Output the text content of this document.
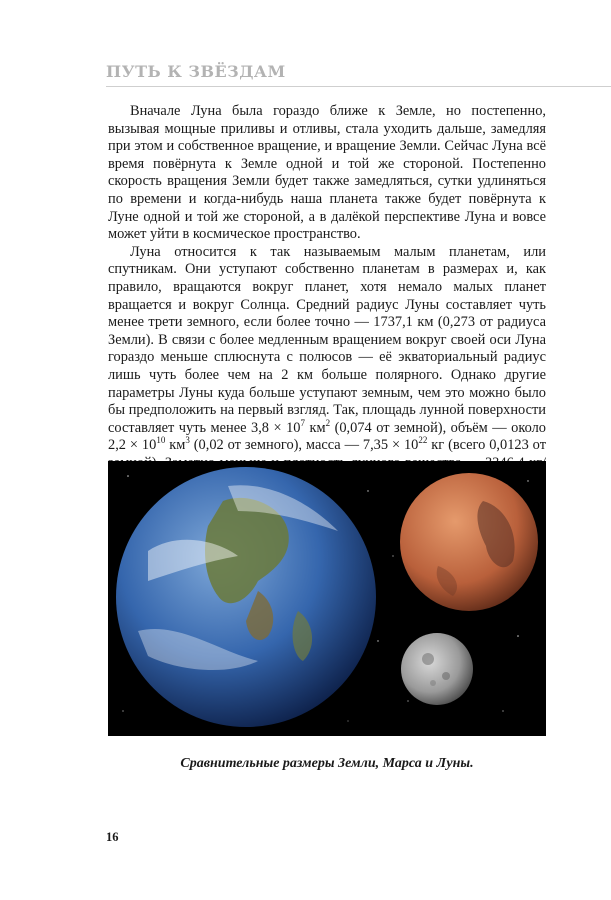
ПУТЬ К ЗВЁЗДАМ

Вначале Луна была гораздо ближе к Земле, но постепенно, вызывая мощные приливы и отливы, стала уходить дальше, замедляя при этом и собственное вращение, и вращение Земли. Сейчас Луна всё время повёрнута к Земле одной и той же стороной. Постепенно скорость вращения Земли будет также замедляться, сутки удлиняться по времени и когда-нибудь наша планета также будет повёрнута к Луне одной и той же стороной, а в далёкой перспективе Луна и вовсе может уйти в космическое пространство.

Луна относится к так называемым малым планетам, или спутникам. Они уступают собственно планетам в размерах и, как правило, вращаются вокруг планет, хотя немало малых планет вращается и вокруг Солнца. Средний радиус Луны составляет чуть менее трети земного, если более точно — 1737,1 км (0,273 от радиуса Земли). В связи с более медленным вращением вокруг своей оси Луна гораздо меньше сплюснута с полюсов — её экваториальный радиус лишь чуть более чем на 2 км больше полярного. Однако другие параметры Луны куда больше уступают земным, чем это можно было бы предположить на первый взгляд. Так, площадь лунной поверхности составляет чуть менее $3,8 \times 10^7$ $км^2$ (0,074 от земной), объём — около $2,2 \times 10^{10}$ $км^3$ (0,02 от земного), масса — $7,35 \times 10^{22}$ кг (всего 0,0123 от

Сравнительные размеры Земли, Марса и Луны.
16
